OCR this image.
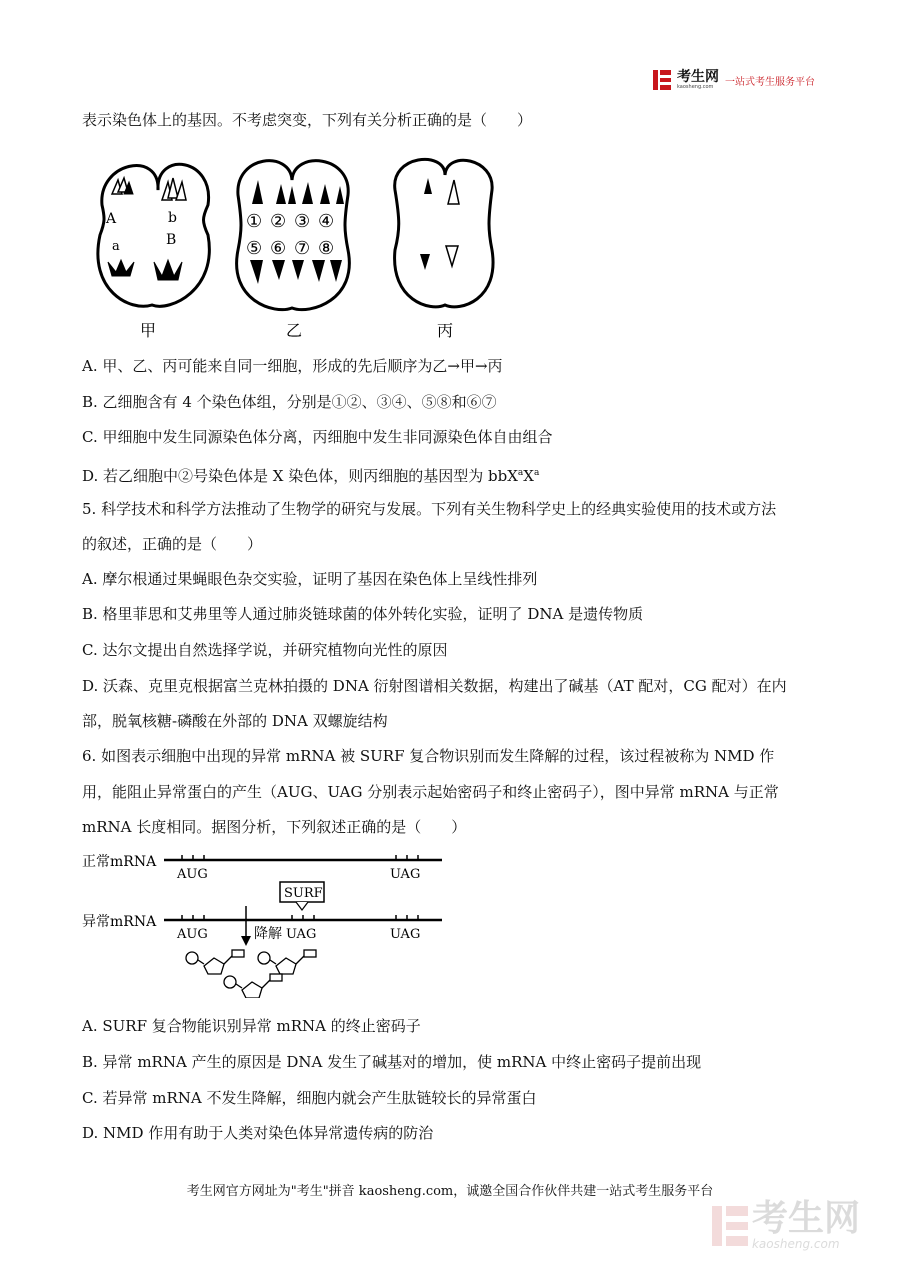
考生网
kaosheng.com	一站式考生服务平台
表示染色体上的基因。不考虑突变，下列有关分析正确的是（　　）
A	b
a	B
甲
① ② ③ ④
⑤ ⑥ ⑦ ⑧
乙	丙
A. 甲、乙、丙可能来自同一细胞，形成的先后顺序为乙→甲→丙
B. 乙细胞含有 4 个染色体组，分别是①②、③④、⑤⑧和⑥⑦
C. 甲细胞中发生同源染色体分离，丙细胞中发生非同源染色体自由组合
D. 若乙细胞中②号染色体是 X 染色体，则丙细胞的基因型为 $bbX^aX^a$
5. 科学技术和科学方法推动了生物学的研究与发展。下列有关生物科学史上的经典实验使用的技术或方法
的叙述，正确的是（　　）
A. 摩尔根通过果蝇眼色杂交实验，证明了基因在染色体上呈线性排列
B. 格里菲思和艾弗里等人通过肺炎链球菌的体外转化实验，证明了 DNA 是遗传物质
C. 达尔文提出自然选择学说，并研究植物向光性的原因
D. 沃森、克里克根据富兰克林拍摄的 DNA 衍射图谱相关数据，构建出了碱基（AT 配对，CG 配对）在内
部，脱氧核糖-磷酸在外部的 DNA 双螺旋结构
6. 如图表示细胞中出现的异常 mRNA 被 SURF 复合物识别而发生降解的过程，该过程被称为 NMD 作
用，能阻止异常蛋白的产生（AUG、UAG 分别表示起始密码子和终止密码子），图中异常 mRNA 与正常
mRNA 长度相同。据图分析，下列叙述正确的是（　　）
正常mRNA
AUG	UAG
SURF
异常mRNA
AUG	UAG	UAG
降解
A. SURF 复合物能识别异常 mRNA 的终止密码子
B. 异常 mRNA 产生的原因是 DNA 发生了碱基对的增加，使 mRNA 中终止密码子提前出现
C. 若异常 mRNA 不发生降解，细胞内就会产生肽链较长的异常蛋白
D. NMD 作用有助于人类对染色体异常遗传病的防治
考生网官方网址为"考生"拼音 kaosheng.com，诚邀全国合作伙伴共建一站式考生服务平台
考生网
kaosheng.com
